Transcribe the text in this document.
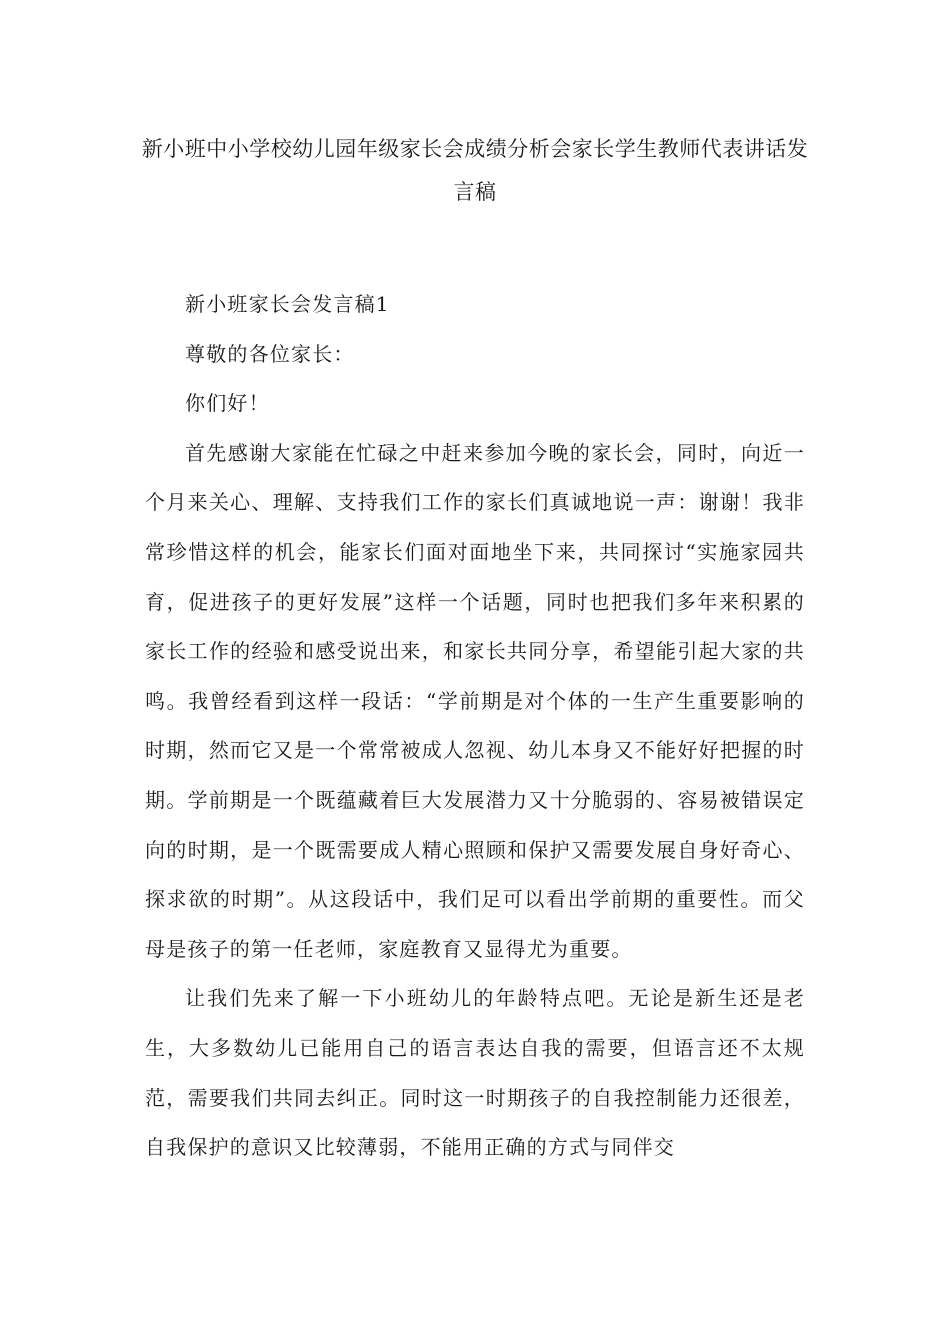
新小班中小学校幼儿园年级家长会成绩分析会家长学生教师代表讲话发言稿

新小班家长会发言稿1

尊敬的各位家长：

你们好！

首先感谢大家能在忙碌之中赶来参加今晚的家长会，同时，向近一个月来关心、理解、支持我们工作的家长们真诚地说一声：谢谢！我非常珍惜这样的机会，能家长们面对面地坐下来，共同探讨“实施家园共育，促进孩子的更好发展”这样一个话题，同时也把我们多年来积累的家长工作的经验和感受说出来，和家长共同分享，希望能引起大家的共鸣。我曾经看到这样一段话：“学前期是对个体的一生产生重要影响的时期，然而它又是一个常常被成人忽视、幼儿本身又不能好好把握的时期。学前期是一个既蕴藏着巨大发展潜力又十分脆弱的、容易被错误定向的时期，是一个既需要成人精心照顾和保护又需要发展自身好奇心、探求欲的时期”。从这段话中，我们足可以看出学前期的重要性。而父母是孩子的第一任老师，家庭教育又显得尤为重要。

让我们先来了解一下小班幼儿的年龄特点吧。无论是新生还是老生，大多数幼儿已能用自己的语言表达自我的需要，但语言还不太规范，需要我们共同去纠正。同时这一时期孩子的自我控制能力还很差，自我保护的意识又比较薄弱，不能用正确的方式与同伴交
